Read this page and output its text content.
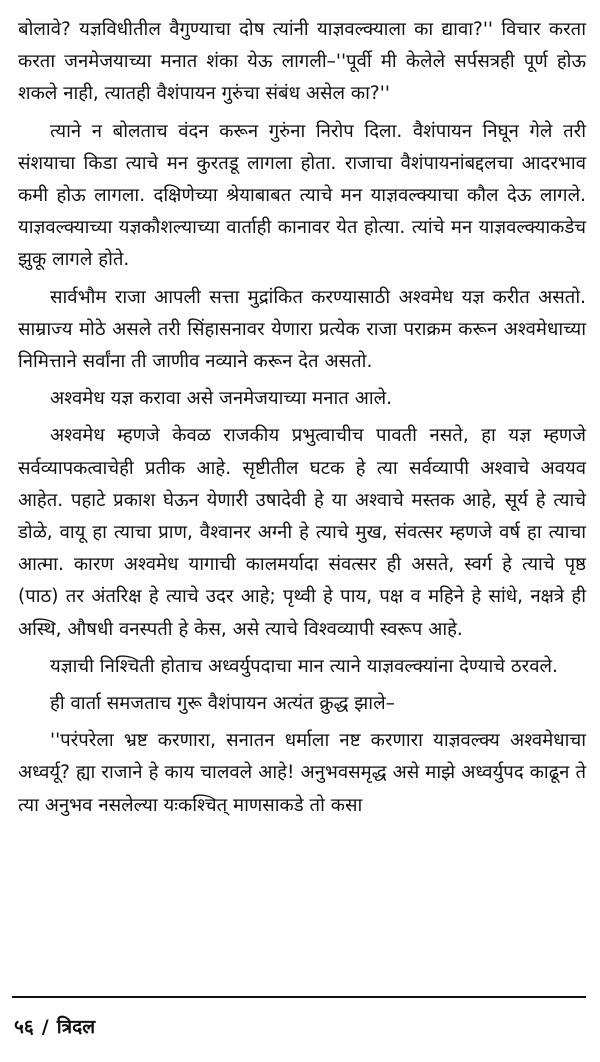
बोलावे? यज्ञविधीतील वैगुण्याचा दोष त्यांनी याज्ञवल्क्याला का द्यावा?'' विचार करता करता जनमेजयाच्या मनात शंका येऊ लागली–''पूर्वी मी केलेले सर्पसत्रही पूर्ण होऊ शकले नाही, त्यातही वैशंपायन गुरुंचा संबंध असेल का?''

त्याने न बोलताच वंदन करून गुरुंना निरोप दिला. वैशंपायन निघून गेले तरी संशयाचा किडा त्याचे मन कुरतडू लागला होता. राजाचा वैशंपायनांबद्दलचा आदरभाव कमी होऊ लागला. दक्षिणेच्या श्रेयाबाबत त्याचे मन याज्ञवल्क्याचा कौल देऊ लागले. याज्ञवल्क्याच्या यज्ञकौशल्याच्या वार्ताही कानावर येत होत्या. त्यांचे मन याज्ञवल्क्याकडेच झुकू लागले होते.

सार्वभौम राजा आपली सत्ता मुद्रांकित करण्यासाठी अश्वमेध यज्ञ करीत असतो. साम्राज्य मोठे असले तरी सिंहासनावर येणारा प्रत्येक राजा पराक्रम करून अश्वमेधाच्या निमित्ताने सर्वांना ती जाणीव नव्याने करून देत असतो.

अश्वमेध यज्ञ करावा असे जनमेजयाच्या मनात आले.

अश्वमेध म्हणजे केवळ राजकीय प्रभुत्वाचीच पावती नसते, हा यज्ञ म्हणजे सर्वव्यापकत्वाचेही प्रतीक आहे. सृष्टीतील घटक हे त्या सर्वव्यापी अश्वाचे अवयव आहेत. पहाटे प्रकाश घेऊन येणारी उषादेवी हे या अश्वाचे मस्तक आहे, सूर्य हे त्याचे डोळे, वायू हा त्याचा प्राण, वैश्वानर अग्नी हे त्याचे मुख, संवत्सर म्हणजे वर्ष हा त्याचा आत्मा. कारण अश्वमेध यागाची कालमर्यादा संवत्सर ही असते, स्वर्ग हे त्याचे पृष्ठ (पाठ) तर अंतरिक्ष हे त्याचे उदर आहे; पृथ्वी हे पाय, पक्ष व महिने हे सांधे, नक्षत्रे ही अस्थि, औषधी वनस्पती हे केस, असे त्याचे विश्वव्यापी स्वरूप आहे.

यज्ञाची निश्चिती होताच अध्वर्युपदाचा मान त्याने याज्ञवल्क्यांना देण्याचे ठरवले.

ही वार्ता समजताच गुरू वैशंपायन अत्यंत क्रुद्ध झाले–

''परंपरेला भ्रष्ट करणारा, सनातन धर्माला नष्ट करणारा याज्ञवल्क्य अश्वमेधाचा अध्वर्यू? ह्या राजाने हे काय चालवले आहे! अनुभवसमृद्ध असे माझे अध्वर्युपद काढून ते त्या अनुभव नसलेल्या यःकश्चित् माणसाकडे तो कसा

५६ / त्रिदल
